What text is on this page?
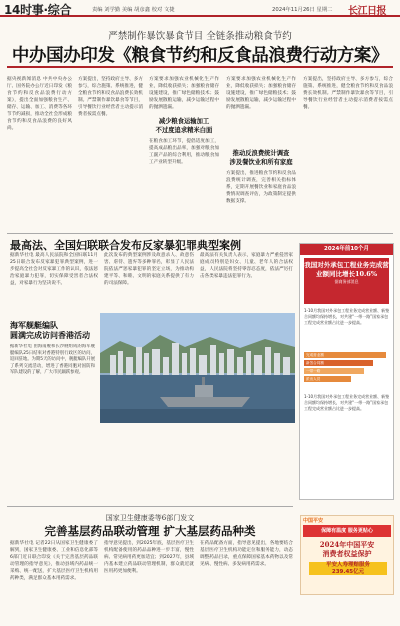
14时事·综合	责编 刘学勤 美编 胡彦鑫 校对 文捷	2024年11月26日 星期二 长江日报
严禁制作暴饮暴食节目 全链条推动粮食节约
中办国办印发《粮食节约和反食品浪费行动方案》
据央视新闻消息 中共中央办公厅、国务院办公厅近日印发《粮食节约和反食品浪费行动方案》，提出全面加强粮食生产、储存、运输、加工、消费等各环节节约减损，推动全社会形成粮食节约和反食品浪费的良好风尚。
方案提出，坚持政府主导、多方参与，综合施策、系统推进，健全粮食节约和反食品浪费长效机制。严禁制作暴饮暴食等节目，引导餐饮行业经营者主动提示消费者按需点餐。
方案要求加强农业机械化生产作业，降低收获损失；加强粮食储存设施建设，推广绿色储粮技术；鼓励发展散粮运输，减少运输过程中的抛洒遗漏。
减少粮食运输加工
不过度追求精米白面
在粮食加工环节，提倡适度加工，提高成品粮出品率，加强对粮食加工副产品的综合利用，推动粮食加工产业转型升级。
方案要求加强农业机械化生产作业，降低收获损失；加强粮食储存设施建设，推广绿色储粮技术；鼓励发展散粮运输，减少运输过程中的抛洒遗漏。
推动反浪费统计调查
涉及餐饮业和所有家庭
方案提出，推进粮食节约和反食品浪费统计调查，完善相关指标体系，定期开展餐饮业和家庭食品浪费情况调查评估，为政策制定提供数据支撑。
方案提出，坚持政府主导、多方参与，综合施策、系统推进，健全粮食节约和反食品浪费长效机制。严禁制作暴饮暴食等节目，引导餐饮行业经营者主动提示消费者按需点餐。
最高法、全国妇联联合发布反家暴犯罪典型案例
据新华社电 最高人民法院和全国妇联11月25日联合发布反家暴犯罪典型案例，进一步提高全社会对反家暴工作的认识，依法惩治家庭暴力犯罪，切实保障受害者合法权益，对家暴行为坚决说不。
此次发布的典型案例涉及故意杀人、故意伤害、虐待、遗弃等多种罪名，彰显了人民法院依法严惩家暴犯罪的坚定立场，为推动构建平等、和睦、文明的家庭关系提供了有力的司法保障。
最高法有关负责人表示，家庭暴力严重侵害家庭成员特别是妇女、儿童、老年人的合法权益，人民法院将坚持零容忍态度，依法严厉打击各类家暴违法犯罪行为。
海军舰艇编队
圆满完成访问香港活动
据新华社电 由海南舰和长沙舰组成的海军舰艇编队25日结束对香港特别行政区的访问，返回驻地。为期5天的访问中，舰艇编队开展了系列交流活动，增进了香港同胞对国防和军队建设的了解，广大市民踊跃参观。
2024年前10个月
我国对外承包工程业务完成营业额同比增长10.6%
据商务部消息
1-10月我国对外承包工程业务完成营业额、新签合同额均保持增长，对共建“一带一路”国家承包工程完成营业额占比进一步提高。
完成营业额
新签合同额
一带一路
派出人员
1-10月我国对外承包工程业务完成营业额、新签合同额均保持增长，对共建“一带一路”国家承包工程完成营业额占比进一步提高。
国家卫生健康委等6部门发文
完善基层药品联动管理 扩大基层药品种类
据新华社电 记者22日从国家卫生健康委了解到，国家卫生健康委、工业和信息化部等6部门近日联合印发《关于完善基层药品联动管理的指导意见》，推动县域内药品统一采购、统一配送，扩大基层医疗卫生机构用药种类，满足群众基本用药需求。
指导意见提出，到2025年底，基层医疗卫生机构配备使用的药品品种进一步丰富，慢性病、常见病用药更加适宜；到2027年，县域内基本建立药品联动管理机制，群众就近就医用药更加便利。
在药品配备方面，指导意见提出，各地要结合基层医疗卫生机构功能定位和服务能力，动态调整药品目录，重点保障国家基本药物以及常见病、慢性病、多发病用药需求。
中国平安
保障有温度 服务更贴心
2024年中国平安
消费者权益保护
平安人寿理赔服务
239.45亿元
